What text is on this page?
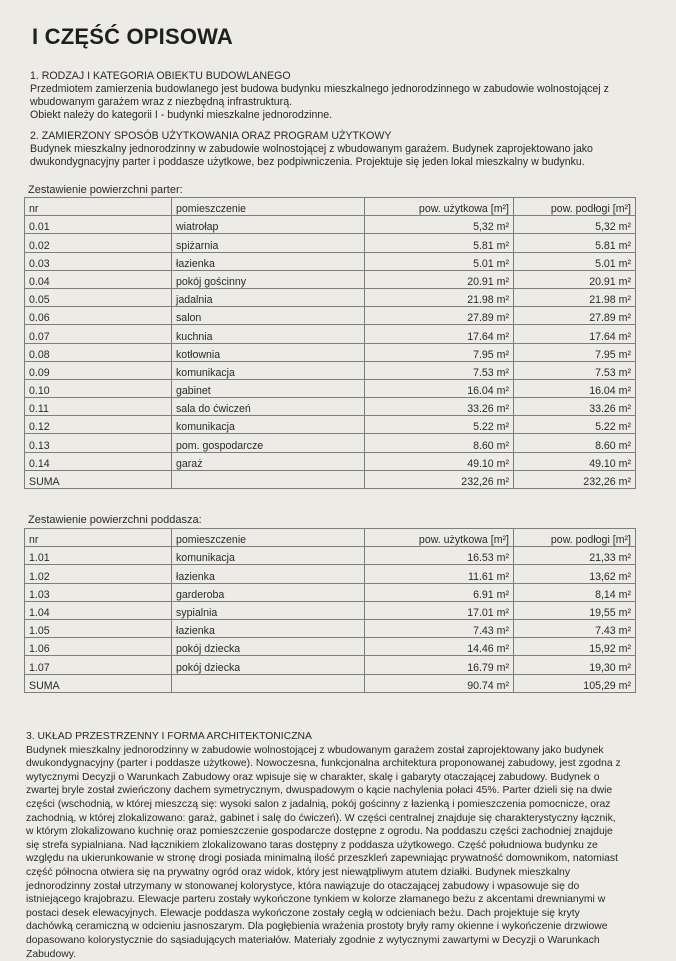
I CZĘŚĆ OPISOWA
1. RODZAJ I KATEGORIA OBIEKTU BUDOWLANEGO
Przedmiotem zamierzenia budowlanego jest budowa budynku mieszkalnego jednorodzinnego w zabudowie wolnostojącej z
wbudowanym garażem wraz z niezbędną infrastrukturą.
Obiekt należy do kategorii I - budynki mieszkalne jednorodzinne.
2. ZAMIERZONY SPOSÓB UŻYTKOWANIA ORAZ PROGRAM UŻYTKOWY
Budynek mieszkalny jednorodzinny w zabudowie wolnostojącej z wbudowanym garażem. Budynek zaprojektowano jako
dwukondygnacyjny parter i poddasze użytkowe, bez podpiwniczenia. Projektuje się jeden lokal mieszkalny w budynku.
Zestawienie powierzchni parter:
nr	pomieszczenie	pow. użytkowa [m²]	pow. podłogi [m²]
0.01	wiatrołap	5,32 m²	5,32 m²
0.02	spiżarnia	5.81 m²	5.81 m²
0.03	łazienka	5.01 m²	5.01 m²
0.04	pokój gościnny	20.91 m²	20.91 m²
0.05	jadalnia	21.98 m²	21.98 m²
0.06	salon	27.89 m²	27.89 m²
0.07	kuchnia	17.64 m²	17.64 m²
0.08	kotłownia	7.95 m²	7.95 m²
0.09	komunikacja	7.53 m²	7.53 m²
0.10	gabinet	16.04 m²	16.04 m²
0.11	sala do ćwiczeń	33.26 m²	33.26 m²
0.12	komunikacja	5.22 m²	5.22 m²
0.13	pom. gospodarcze	8.60 m²	8.60 m²
0.14	garaż	49.10 m²	49.10 m²
SUMA		232,26 m²	232,26 m²
Zestawienie powierzchni poddasza:
nr	pomieszczenie	pow. użytkowa [m²]	pow. podłogi [m²]
1.01	komunikacja	16.53 m²	21,33 m²
1.02	łazienka	11.61 m²	13,62 m²
1.03	garderoba	6.91 m²	8,14 m²
1.04	sypialnia	17.01 m²	19,55 m²
1.05	łazienka	7.43 m²	7.43 m²
1.06	pokój dziecka	14.46 m²	15,92 m²
1.07	pokój dziecka	16.79 m²	19,30 m²
SUMA		90.74 m²	105,29 m²
3. UKŁAD PRZESTRZENNY I FORMA ARCHITEKTONICZNA
Budynek mieszkalny jednorodzinny w zabudowie wolnostojącej z wbudowanym garażem został zaprojektowany jako budynek dwukondygnacyjny (parter i poddasze użytkowe). Nowoczesna, funkcjonalna architektura proponowanej zabudowy, jest zgodna z wytycznymi Decyzji o Warunkach Zabudowy oraz wpisuje się w charakter, skalę i gabaryty otaczającej zabudowy. Budynek o zwartej bryle został zwieńczony dachem symetrycznym, dwuspadowym o kącie nachylenia połaci 45%. Parter dzieli się na dwie części (wschodnią, w której mieszczą się: wysoki salon z jadalnią, pokój gościnny z łazienką i pomieszczenia pomocnicze, oraz zachodnią, w której zlokalizowano: garaż, gabinet i salę do ćwiczeń). W części centralnej znajduje się charakterystyczny łącznik, w którym zlokalizowano kuchnię oraz pomieszczenie gospodarcze dostępne z ogrodu. Na poddaszu części zachodniej znajduje się strefa sypialniana. Nad łącznikiem zlokalizowano taras dostępny z poddasza użytkowego. Część południowa budynku ze względu na ukierunkowanie w stronę drogi posiada minimalną ilość przeszkleń zapewniając prywatność domownikom, natomiast część północna otwiera się na prywatny ogród oraz widok, który jest niewątpliwym atutem działki. Budynek mieszkalny jednorodzinny został utrzymany w stonowanej kolorystyce, która nawiązuje do otaczającej zabudowy i wpasowuje się do istniejącego krajobrazu. Elewacje parteru zostały wykończone tynkiem w kolorze złamanego beżu z akcentami drewnianymi w postaci desek elewacyjnych. Elewacje poddasza wykończone zostały cegłą w odcieniach beżu. Dach projektuje się kryty dachówką ceramiczną w odcieniu jasnoszarym. Dla pogłębienia wrażenia prostoty bryły ramy okienne i wykończenie drzwiowe dopasowano kolorystycznie do sąsiadujących materiałów. Materiały zgodnie z wytycznymi zawartymi w Decyzji o Warunkach Zabudowy.
